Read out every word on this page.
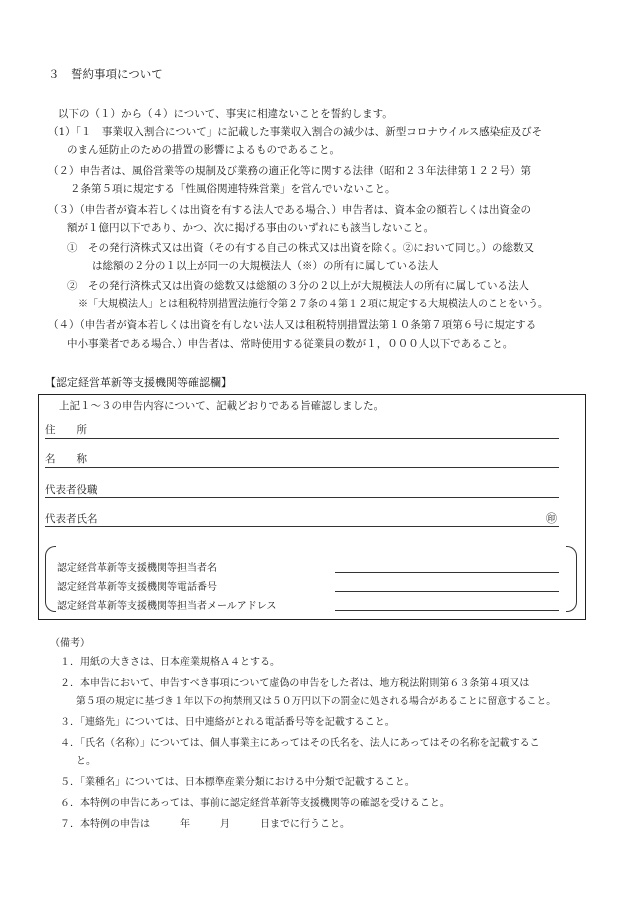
３　誓約事項について
以下の（１）から（４）について、事実に相違ないことを誓約します。
（1）「１　事業収入割合について」に記載した事業収入割合の減少は、新型コロナウイルス感染症及びそ
のまん延防止のための措置の影響によるものであること。
（２）申告者は、風俗営業等の規制及び業務の適正化等に関する法律（昭和２３年法律第１２２号）第
２条第５項に規定する「性風俗関連特殊営業」を営んでいないこと。
（３）（申告者が資本若しくは出資を有する法人である場合、）申告者は、資本金の額若しくは出資金の
額が１億円以下であり、かつ、次に掲げる事由のいずれにも該当しないこと。
①　その発行済株式又は出資（その有する自己の株式又は出資を除く。②において同じ。）の総数又
は総額の２分の１以上が同一の大規模法人（※）の所有に属している法人
②　その発行済株式又は出資の総数又は総額の３分の２以上が大規模法人の所有に属している法人
※「大規模法人」とは租税特別措置法施行令第２７条の４第１２項に規定する大規模法人のことをいう。
（４）（申告者が資本若しくは出資を有しない法人又は租税特別措置法第１０条第７項第６号に規定する
中小事業者である場合、）申告者は、常時使用する従業員の数が１，０００人以下であること。
【認定経営革新等支援機関等確認欄】
上記１～３の申告内容について、記載どおりである旨確認しました。
住　　所
名　　称
代表者役職
代表者氏名	㊞
認定経営革新等支援機関等担当者名
認定経営革新等支援機関等電話番号
認定経営革新等支援機関等担当者メールアドレス
（備考）
１．用紙の大きさは、日本産業規格Ａ４とする。
２．本申告において、申告すべき事項について虚偽の申告をした者は、地方税法附則第６３条第４項又は
第５項の規定に基づき１年以下の拘禁刑又は５０万円以下の罰金に処される場合があることに留意すること。
３．「連絡先」については、日中連絡がとれる電話番号等を記載すること。
４．「氏名（名称）」については、個人事業主にあってはその氏名を、法人にあってはその名称を記載するこ
と。
５．「業種名」については、日本標準産業分類における中分類で記載すること。
６．本特例の申告にあっては、事前に認定経営革新等支援機関等の確認を受けること。
７．本特例の申告は　　　年　　　月　　　日までに行うこと。
